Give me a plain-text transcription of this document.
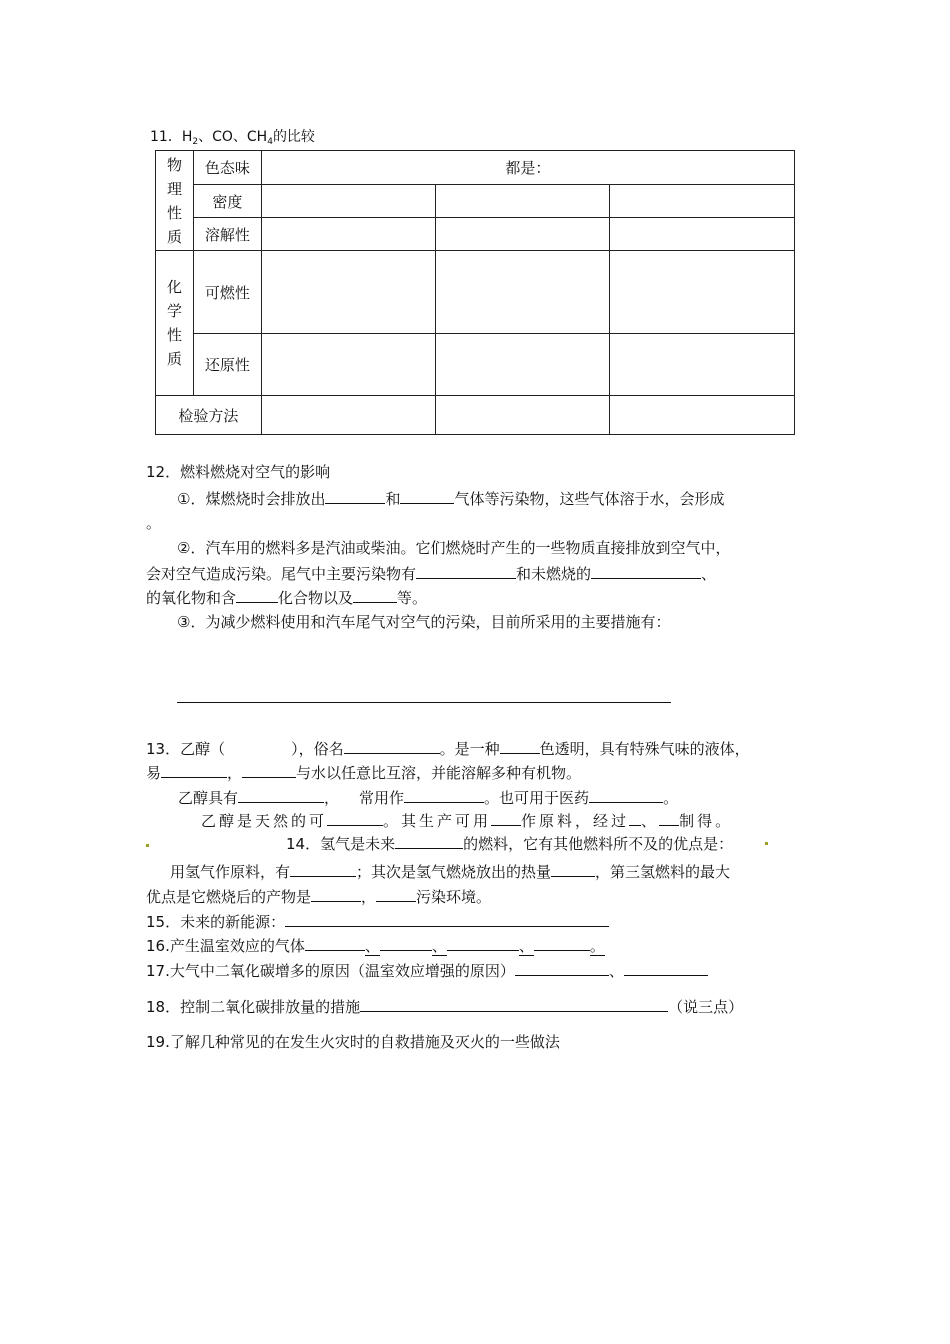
11．$H_2$、CO、$CH_4$的比较
物理性质	色态味	都是：		
	密度			
	溶解性			

化学性质	可燃性			
	还原性			
检验方法				
12．燃料燃烧对空气的影响
①．煤燃烧时会排放出	和	气体等污染物，这些气体溶于水，会形成
。
②．汽车用的燃料多是汽油或柴油。它们燃烧时产生的一些物质直接排放到空气中，
会对空气造成污染。尾气中主要污染物有	和未燃烧的	、
的氧化物和含	化合物以及	等。
③．为减少燃料使用和汽车尾气对空气的污染，目前所采用的主要措施有：
13．乙醇（	），俗名	。是一种	色透明，具有特殊气味的液体，
易	，	与水以任意比互溶，并能溶解多种有机物。
乙醇具有	， 常用作	。也可用于医药	。
乙醇是天然的可	。其生产可用 作原料，经过 、 制得。
14．氢气是未来	的燃料，它有其他燃料所不及的优点是：
用氢气作原料，有	；其次是氢气燃烧放出的热量	，第三氢燃料的最大
优点是它燃烧后的产物是	，	污染环境。
15．未来的新能源：
16.产生温室效应的气体	、	、	、	。
17.大气中二氧化碳增多的原因（温室效应增强的原因）	、
18．控制二氧化碳排放量的措施	（说三点）
19.了解几种常见的在发生火灾时的自救措施及灭火的一些做法
